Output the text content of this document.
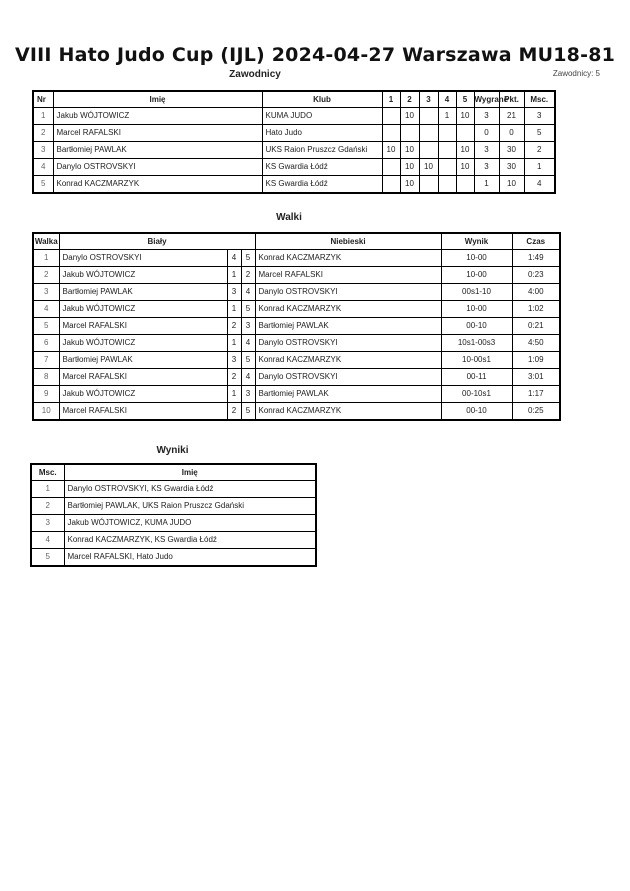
VIII Hato Judo Cup (IJL) 2024-04-27 Warszawa MU18-81
Zawodnicy: 5
Zawodnicy
Nr	Imię	Klub	1	2	3	4	5	Wygrane	Pkt.	Msc.
1	Jakub WÓJTOWICZ	KUMA JUDO		10		1	10	3	21	3
2	Marcel RAFALSKI	Hato Judo						0	0	5
3	Bartłomiej PAWLAK	UKS Raion Pruszcz Gdański	10	10			10	3	30	2
4	Danylo OSTROVSKYI	KS Gwardia Łódź		10	10		10	3	30	1
5	Konrad KACZMARZYK	KS Gwardia Łódź		10				1	10	4
Walki
Walka	Biały			Niebieski	Wynik	Czas
1	Danylo OSTROVSKYI	4	5	Konrad KACZMARZYK	10-00	1:49
2	Jakub WÓJTOWICZ	1	2	Marcel RAFALSKI	10-00	0:23
3	Bartłomiej PAWLAK	3	4	Danylo OSTROVSKYI	00s1-10	4:00
4	Jakub WÓJTOWICZ	1	5	Konrad KACZMARZYK	10-00	1:02
5	Marcel RAFALSKI	2	3	Bartłomiej PAWLAK	00-10	0:21
6	Jakub WÓJTOWICZ	1	4	Danylo OSTROVSKYI	10s1-00s3	4:50
7	Bartłomiej PAWLAK	3	5	Konrad KACZMARZYK	10-00s1	1:09
8	Marcel RAFALSKI	2	4	Danylo OSTROVSKYI	00-11	3:01
9	Jakub WÓJTOWICZ	1	3	Bartłomiej PAWLAK	00-10s1	1:17
10	Marcel RAFALSKI	2	5	Konrad KACZMARZYK	00-10	0:25
Wyniki
Msc.	Imię
1	Danylo OSTROVSKYI, KS Gwardia Łódź
2	Bartłomiej PAWLAK, UKS Raion Pruszcz Gdański
3	Jakub WÓJTOWICZ, KUMA JUDO
4	Konrad KACZMARZYK, KS Gwardia Łódź
5	Marcel RAFALSKI, Hato Judo
